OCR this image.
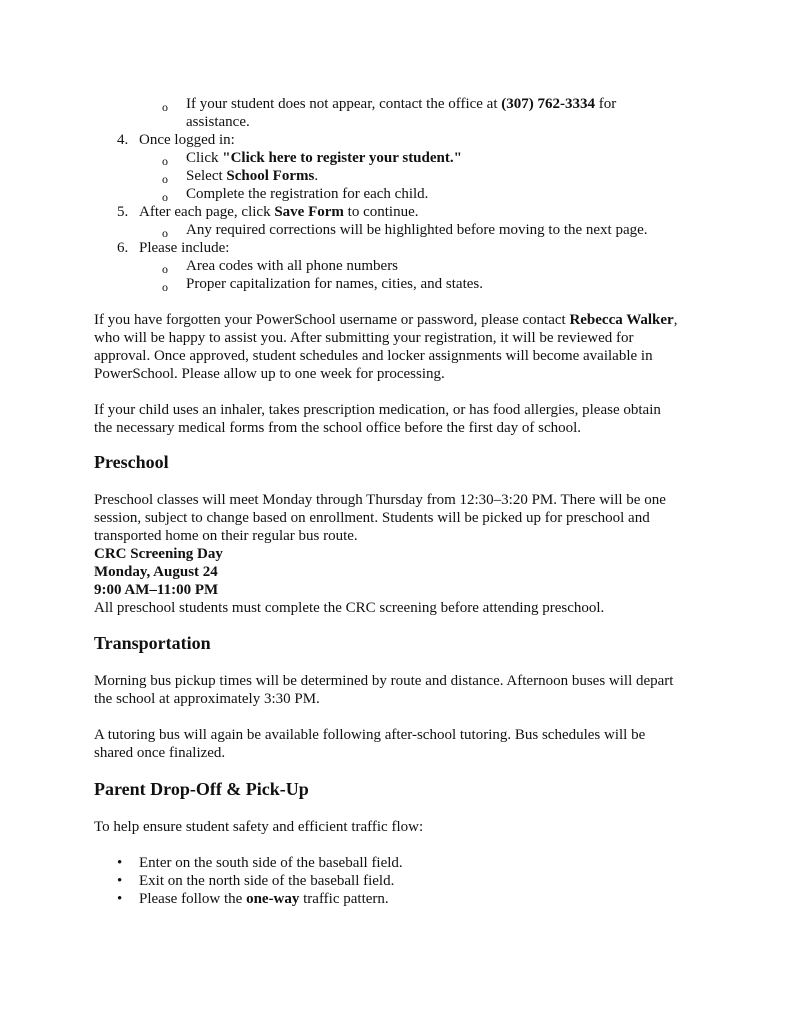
o If your student does not appear, contact the office at (307) 762-3334 for
assistance.
4. Once logged in:
o Click "Click here to register your student."
o Select School Forms.
o Complete the registration for each child.
5. After each page, click Save Form to continue.
o Any required corrections will be highlighted before moving to the next page.
6. Please include:
o Area codes with all phone numbers
o Proper capitalization for names, cities, and states.
If you have forgotten your PowerSchool username or password, please contact Rebecca Walker,
who will be happy to assist you. After submitting your registration, it will be reviewed for
approval. Once approved, student schedules and locker assignments will become available in
PowerSchool. Please allow up to one week for processing.
If your child uses an inhaler, takes prescription medication, or has food allergies, please obtain
the necessary medical forms from the school office before the first day of school.
Preschool
Preschool classes will meet Monday through Thursday from 12:30–3:20 PM. There will be one
session, subject to change based on enrollment. Students will be picked up for preschool and
transported home on their regular bus route.
CRC Screening Day
Monday, August 24
9:00 AM–11:00 PM
All preschool students must complete the CRC screening before attending preschool.
Transportation
Morning bus pickup times will be determined by route and distance. Afternoon buses will depart
the school at approximately 3:30 PM.
A tutoring bus will again be available following after-school tutoring. Bus schedules will be
shared once finalized.
Parent Drop-Off & Pick-Up
To help ensure student safety and efficient traffic flow:
• Enter on the south side of the baseball field.
• Exit on the north side of the baseball field.
• Please follow the one-way traffic pattern.
